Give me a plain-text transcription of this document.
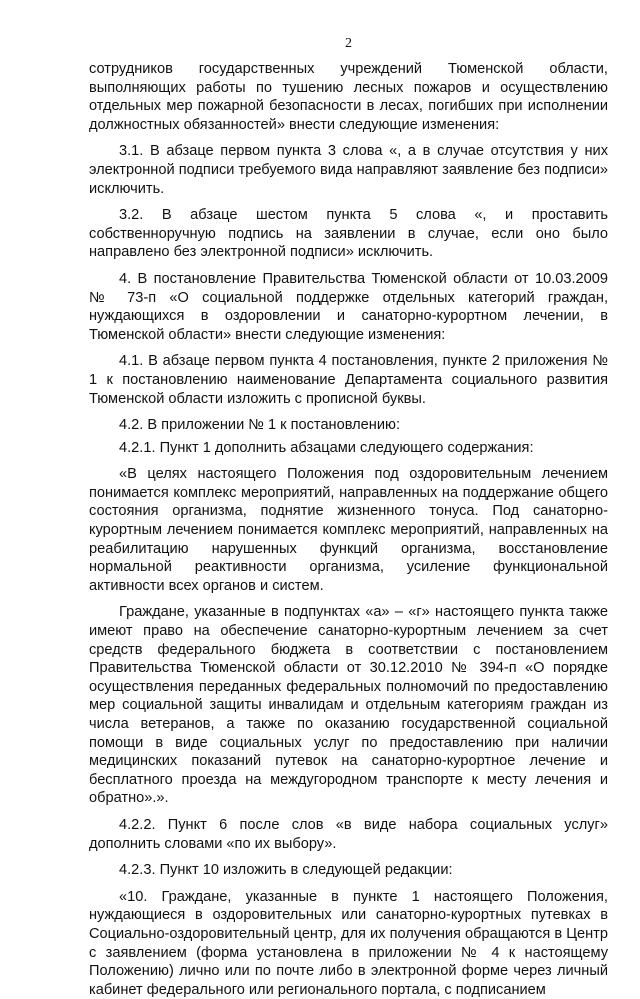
2

сотрудников государственных учреждений Тюменской области, выполняющих работы по тушению лесных пожаров и осуществлению отдельных мер пожарной безопасности в лесах, погибших при исполнении должностных обязанностей» внести следующие изменения:

3.1. В абзаце первом пункта 3 слова «, а в случае отсутствия у них электронной подписи требуемого вида направляют заявление без подписи» исключить.

3.2. В абзаце шестом пункта 5 слова «, и проставить собственноручную подпись на заявлении в случае, если оно было направлено без электронной подписи» исключить.

4. В постановление Правительства Тюменской области от 10.03.2009 № 73-п «О социальной поддержке отдельных категорий граждан, нуждающихся в оздоровлении и санаторно-курортном лечении, в Тюменской области» внести следующие изменения:

4.1. В абзаце первом пункта 4 постановления, пункте 2 приложения № 1 к постановлению наименование Департамента социального развития Тюменской области изложить с прописной буквы.

4.2. В приложении № 1 к постановлению:

4.2.1. Пункт 1 дополнить абзацами следующего содержания:

«В целях настоящего Положения под оздоровительным лечением понимается комплекс мероприятий, направленных на поддержание общего состояния организма, поднятие жизненного тонуса. Под санаторно-курортным лечением понимается комплекс мероприятий, направленных на реабилитацию нарушенных функций организма, восстановление нормальной реактивности организма, усиление функциональной активности всех органов и систем.

Граждане, указанные в подпунктах «а» – «г» настоящего пункта также имеют право на обеспечение санаторно-курортным лечением за счет средств федерального бюджета в соответствии с постановлением Правительства Тюменской области от 30.12.2010 № 394-п «О порядке осуществления переданных федеральных полномочий по предоставлению мер социальной защиты инвалидам и отдельным категориям граждан из числа ветеранов, а также по оказанию государственной социальной помощи в виде социальных услуг по предоставлению при наличии медицинских показаний путевок на санаторно-курортное лечение и бесплатного проезда на междугородном транспорте к месту лечения и обратно».».

4.2.2. Пункт 6 после слов «в виде набора социальных услуг» дополнить словами «по их выбору».

4.2.3. Пункт 10 изложить в следующей редакции:

«10. Граждане, указанные в пункте 1 настоящего Положения, нуждающиеся в оздоровительных или санаторно-курортных путевках в Социально-оздоровительный центр, для их получения обращаются в Центр с заявлением (форма установлена в приложении № 4 к настоящему Положению) лично или по почте либо в электронной форме через личный кабинет федерального или регионального портала, с подписанием
